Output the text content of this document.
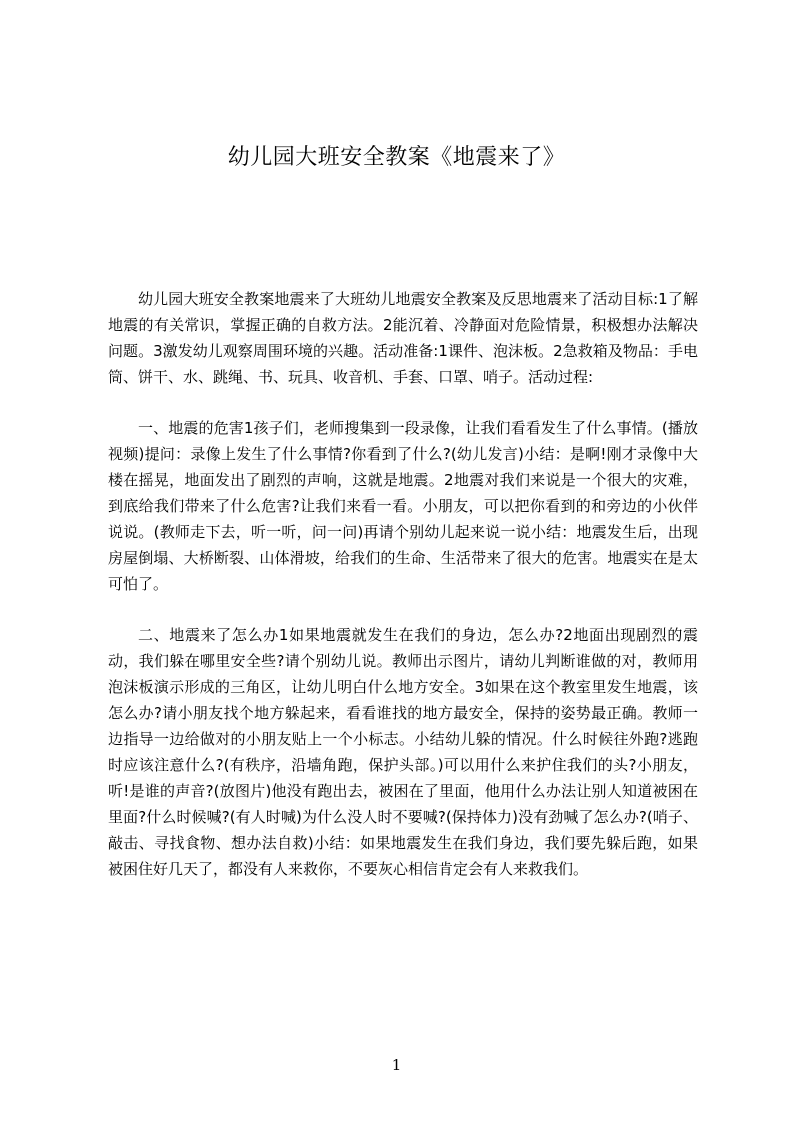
幼儿园大班安全教案《地震来了》

幼儿园大班安全教案地震来了大班幼儿地震安全教案及反思地震来了活动目标:1了解地震的有关常识，掌握正确的自救方法。2能沉着、冷静面对危险情景，积极想办法解决问题。3激发幼儿观察周围环境的兴趣。活动准备:1课件、泡沫板。2急救箱及物品：手电筒、饼干、水、跳绳、书、玩具、收音机、手套、口罩、哨子。活动过程:

一、地震的危害1孩子们，老师搜集到一段录像，让我们看看发生了什么事情。(播放视频)提问：录像上发生了什么事情?你看到了什么?(幼儿发言)小结：是啊!刚才录像中大楼在摇晃，地面发出了剧烈的声响，这就是地震。2地震对我们来说是一个很大的灾难，到底给我们带来了什么危害?让我们来看一看。小朋友，可以把你看到的和旁边的小伙伴说说。(教师走下去，听一听，问一问)再请个别幼儿起来说一说小结：地震发生后，出现房屋倒塌、大桥断裂、山体滑坡，给我们的生命、生活带来了很大的危害。地震实在是太可怕了。

二、地震来了怎么办1如果地震就发生在我们的身边，怎么办?2地面出现剧烈的震动，我们躲在哪里安全些?请个别幼儿说。教师出示图片，请幼儿判断谁做的对，教师用泡沫板演示形成的三角区，让幼儿明白什么地方安全。3如果在这个教室里发生地震，该怎么办?请小朋友找个地方躲起来，看看谁找的地方最安全，保持的姿势最正确。教师一边指导一边给做对的小朋友贴上一个小标志。小结幼儿躲的情况。什么时候往外跑?逃跑时应该注意什么?(有秩序，沿墙角跑，保护头部。)可以用什么来护住我们的头?小朋友，听!是谁的声音?(放图片)他没有跑出去，被困在了里面，他用什么办法让别人知道被困在里面?什么时候喊?(有人时喊)为什么没人时不要喊?(保持体力)没有劲喊了怎么办?(哨子、敲击、寻找食物、想办法自救)小结：如果地震发生在我们身边，我们要先躲后跑，如果被困住好几天了，都没有人来救你，不要灰心相信肯定会有人来救我们。

1
